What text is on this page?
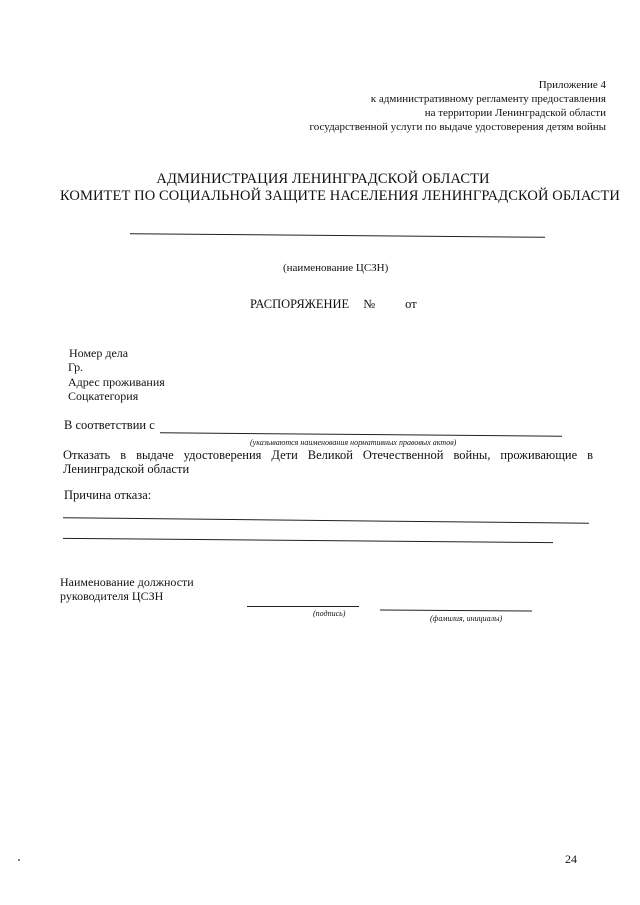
Приложение 4
к административному регламенту предоставления
на территории Ленинградской области
государственной услуги по выдаче удостоверения детям войны
АДМИНИСТРАЦИЯ ЛЕНИНГРАДСКОЙ ОБЛАСТИ
КОМИТЕТ ПО СОЦИАЛЬНОЙ ЗАЩИТЕ НАСЕЛЕНИЯ ЛЕНИНГРАДСКОЙ ОБЛАСТИ
(наименование ЦСЗН)
РАСПОРЯЖЕНИЕ № от
Номер дела
Гр.
Адрес проживания
Соцкатегория
В соответствии с
(указываются наименования нормативных правовых актов)
Отказать в выдаче удостоверения Дети Великой Отечественной войны, проживающие в
Ленинградской области
Причина отказа:
Наименование должности
руководителя ЦСЗН
(подпись)
(фамилия, инициалы)
24
